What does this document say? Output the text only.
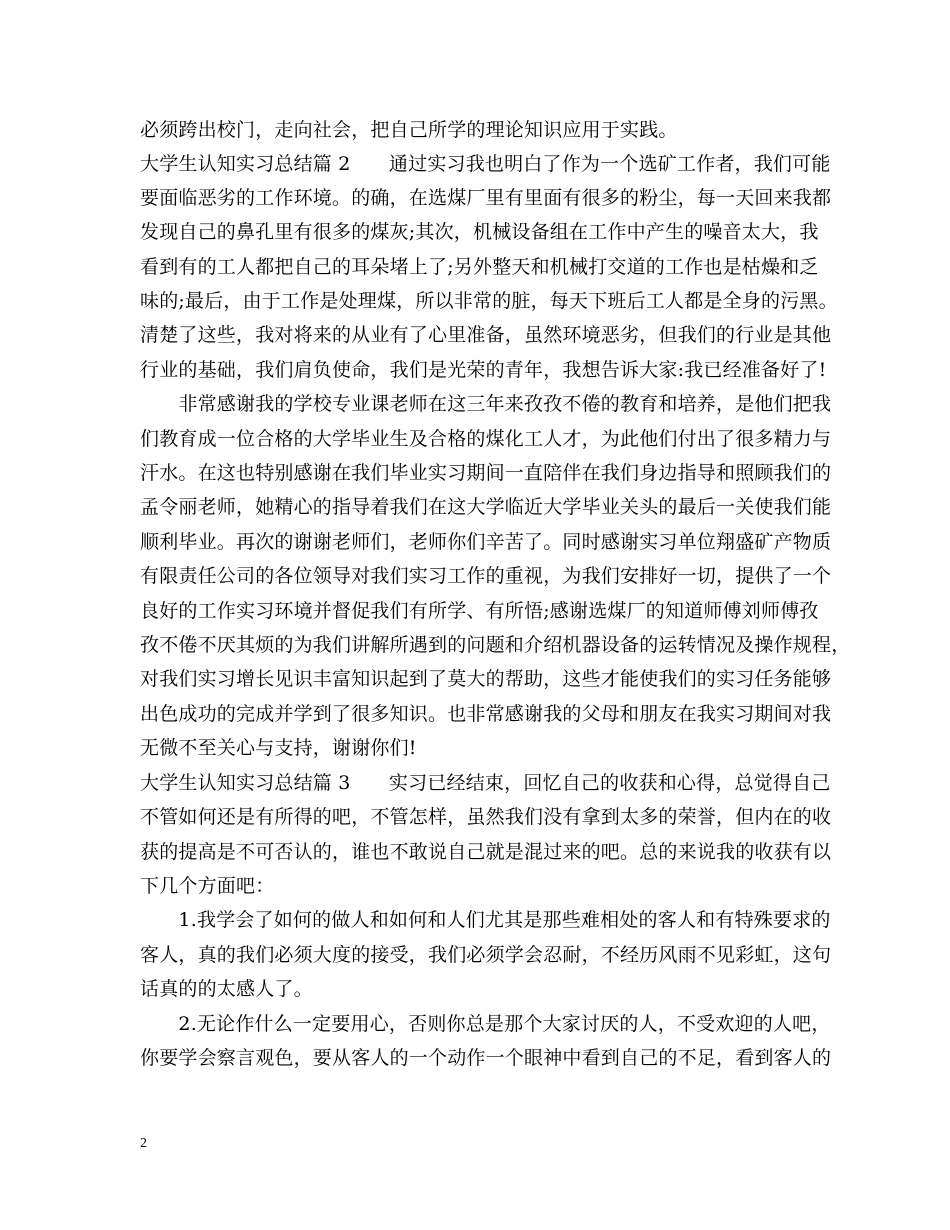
必须跨出校门，走向社会，把自己所学的理论知识应用于实践。
大学生认知实习总结篇 2　　通过实习我也明白了作为一个选矿工作者，我们可能
要面临恶劣的工作环境。的确，在选煤厂里有里面有很多的粉尘，每一天回来我都
发现自己的鼻孔里有很多的煤灰;其次，机械设备组在工作中产生的噪音太大，我
看到有的工人都把自己的耳朵堵上了;另外整天和机械打交道的工作也是枯燥和乏
味的;最后，由于工作是处理煤，所以非常的脏，每天下班后工人都是全身的污黑。
清楚了这些，我对将来的从业有了心里准备，虽然环境恶劣，但我们的行业是其他
行业的基础，我们肩负使命，我们是光荣的青年，我想告诉大家:我已经准备好了!
　　非常感谢我的学校专业课老师在这三年来孜孜不倦的教育和培养，是他们把我
们教育成一位合格的大学毕业生及合格的煤化工人才，为此他们付出了很多精力与
汗水。在这也特别感谢在我们毕业实习期间一直陪伴在我们身边指导和照顾我们的
孟令丽老师，她精心的指导着我们在这大学临近大学毕业关头的最后一关使我们能
顺利毕业。再次的谢谢老师们，老师你们辛苦了。同时感谢实习单位翔盛矿产物质
有限责任公司的各位领导对我们实习工作的重视，为我们安排好一切，提供了一个
良好的工作实习环境并督促我们有所学、有所悟;感谢选煤厂的知道师傅刘师傅孜
孜不倦不厌其烦的为我们讲解所遇到的问题和介绍机器设备的运转情况及操作规程，
对我们实习增长见识丰富知识起到了莫大的帮助，这些才能使我们的实习任务能够
出色成功的完成并学到了很多知识。也非常感谢我的父母和朋友在我实习期间对我
无微不至关心与支持，谢谢你们!
大学生认知实习总结篇 3　　实习已经结束，回忆自己的收获和心得，总觉得自己
不管如何还是有所得的吧，不管怎样，虽然我们没有拿到太多的荣誉，但内在的收
获的提高是不可否认的，谁也不敢说自己就是混过来的吧。总的来说我的收获有以
下几个方面吧：
　　1.我学会了如何的做人和如何和人们尤其是那些难相处的客人和有特殊要求的
客人，真的我们必须大度的接受，我们必须学会忍耐，不经历风雨不见彩虹，这句
话真的的太感人了。
　　2.无论作什么一定要用心，否则你总是那个大家讨厌的人，不受欢迎的人吧，
你要学会察言观色，要从客人的一个动作一个眼神中看到自己的不足，看到客人的
2
